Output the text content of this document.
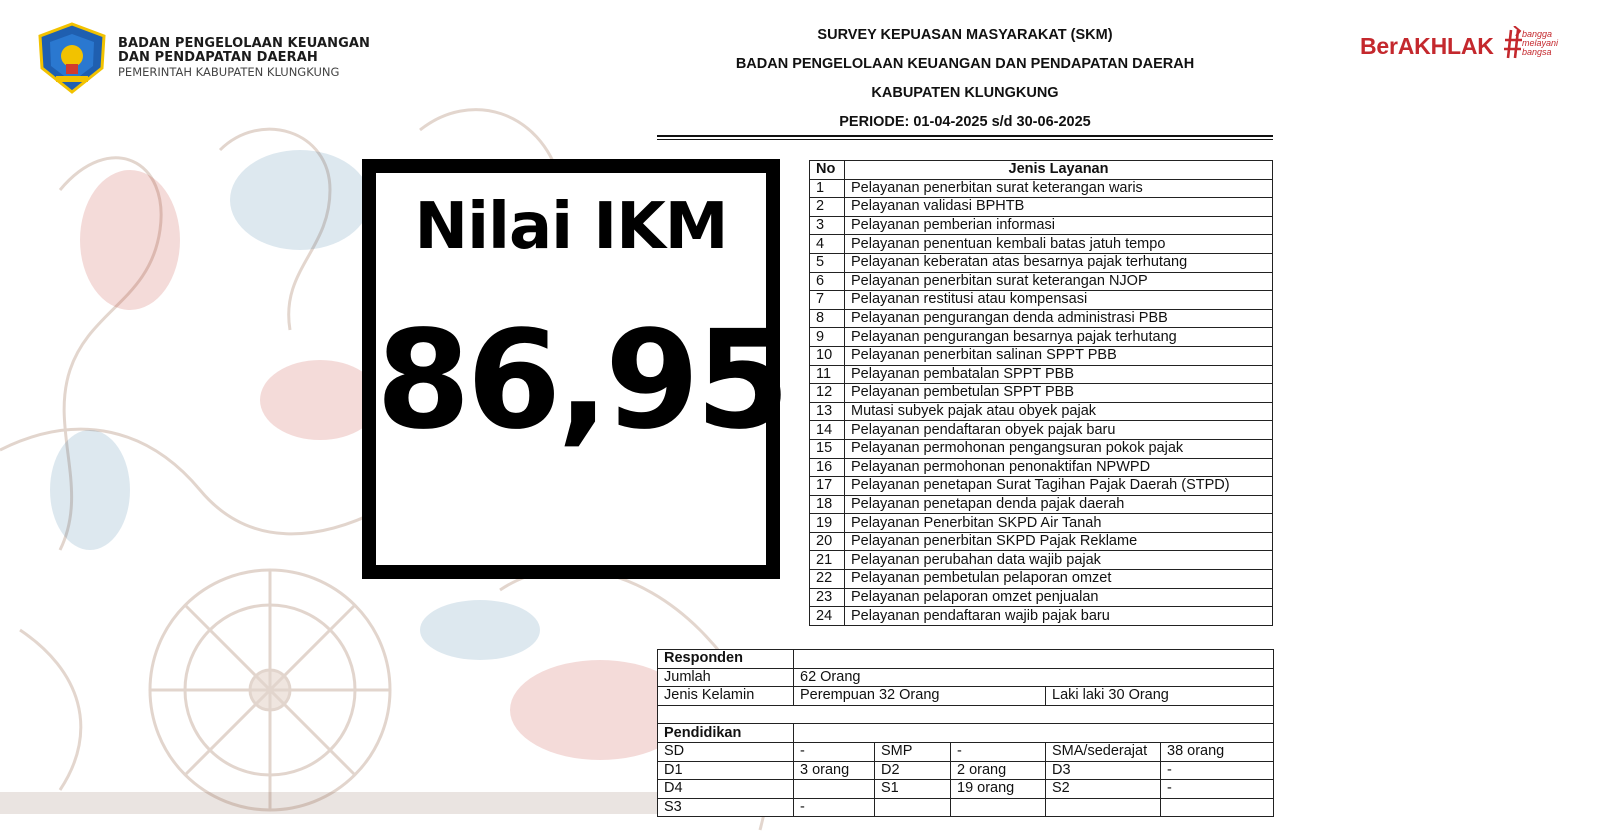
BADAN PENGELOLAAN KEUANGAN
DAN PENDAPATAN DAERAH
PEMERINTAH KABUPATEN KLUNGKUNG
BerAKHLAK	bangga
melayani
bangsa
SURVEY KEPUASAN MASYARAKAT (SKM)
BADAN PENGELOLAAN KEUANGAN DAN PENDAPATAN DAERAH
KABUPATEN KLUNGKUNG
PERIODE: 01-04-2025 s/d 30-06-2025
Nilai IKM
86,95
No	Jenis Layanan
1	Pelayanan penerbitan surat keterangan waris
2	Pelayanan validasi BPHTB
3	Pelayanan pemberian informasi
4	Pelayanan penentuan kembali batas jatuh tempo
5	Pelayanan keberatan atas besarnya pajak terhutang
6	Pelayanan penerbitan surat keterangan NJOP
7	Pelayanan restitusi atau kompensasi
8	Pelayanan pengurangan denda administrasi PBB
9	Pelayanan pengurangan besarnya pajak terhutang
10	Pelayanan penerbitan salinan SPPT PBB
11	Pelayanan pembatalan SPPT PBB
12	Pelayanan pembetulan SPPT PBB
13	Mutasi subyek pajak atau obyek pajak
14	Pelayanan pendaftaran obyek pajak baru
15	Pelayanan permohonan pengangsuran pokok pajak
16	Pelayanan permohonan penonaktifan NPWPD
17	Pelayanan penetapan Surat Tagihan Pajak Daerah (STPD)
18	Pelayanan penetapan denda pajak daerah
19	Pelayanan Penerbitan SKPD Air Tanah
20	Pelayanan penerbitan SKPD Pajak Reklame
21	Pelayanan perubahan data wajib pajak
22	Pelayanan pembetulan pelaporan omzet
23	Pelayanan pelaporan omzet penjualan
24	Pelayanan pendaftaran wajib pajak baru
Responden					
Jumlah	62 Orang				
Jenis Kelamin	Perempuan 32 Orang			Laki laki 30 Orang	

Pendidikan					
SD	-	SMP	-	SMA/sederajat	38 orang
D1	3 orang	D2	2 orang	D3	-
D4		S1	19 orang	S2	-
S3	-				
